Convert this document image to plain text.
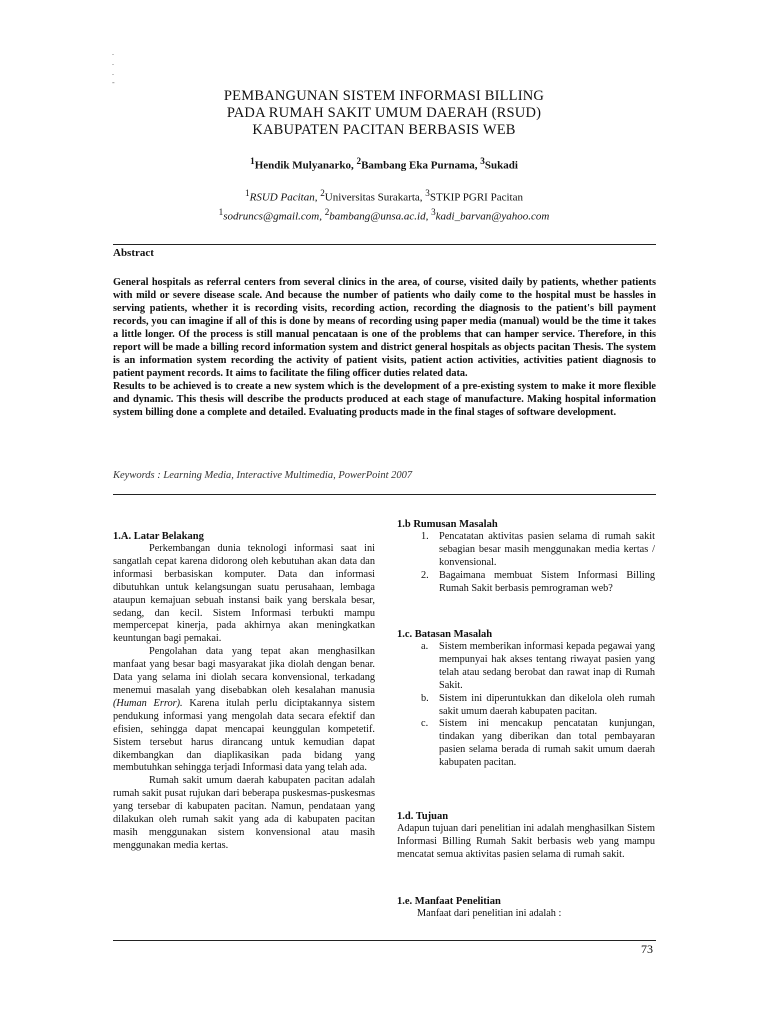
.
.
.
-
PEMBANGUNAN SISTEM INFORMASI BILLING
PADA RUMAH SAKIT UMUM DAERAH (RSUD)
KABUPATEN PACITAN BERBASIS WEB
$^1$Hendik Mulyanarko, $^2$Bambang Eka Purnama, $^3$Sukadi
$^1$RSUD Pacitan, $^2$Universitas Surakarta, $^3$STKIP PGRI Pacitan
$^1$sodruncs@gmail.com, $^2$bambang@unsa.ac.id, $^3$kadi_barvan@yahoo.com
Abstract

General hospitals as referral centers from several clinics in the area, of course, visited daily by patients, whether patients with mild or severe disease scale. And because the number of patients who daily come to the hospital must be hassles in serving patients, whether it is recording visits, recording action, recording the diagnosis to the patient's bill payment records, you can imagine if all of this is done by means of recording using paper media (manual) would be the time it takes a little longer. Of the process is still manual pencataan is one of the problems that can hamper service. Therefore, in this report will be made a billing record information system and district general hospitals as objects pacitan Thesis. The system is an information system recording the activity of patient visits, patient action activities, activities patient diagnosis to patient payment records. It aims to facilitate the filing officer duties related data.

Results to be achieved is to create a new system which is the development of a pre-existing system to make it more flexible and dynamic. This thesis will describe the products produced at each stage of manufacture. Making hospital information system billing done a complete and detailed. Evaluating products made in the final stages of software development.

Keywords : Learning Media, Interactive Multimedia, PowerPoint 2007
1.A. Latar Belakang

Perkembangan dunia teknologi informasi saat ini sangatlah cepat karena didorong oleh kebutuhan akan data dan informasi berbasiskan komputer. Data dan informasi dibutuhkan untuk kelangsungan suatu perusahaan, lembaga ataupun kemajuan sebuah instansi baik yang berskala besar, sedang, dan kecil. Sistem Informasi terbukti mampu mempercepat kinerja, pada akhirnya akan meningkatkan keuntungan bagi pemakai.

Pengolahan data yang tepat akan menghasilkan manfaat yang besar bagi masyarakat jika diolah dengan benar. Data yang selama ini diolah secara konvensional, terkadang menemui masalah yang disebabkan oleh kesalahan manusia (Human Error). Karena itulah perlu diciptakannya sistem pendukung informasi yang mengolah data secara efektif dan efisien, sehingga dapat mencapai keunggulan kompetetif. Sistem tersebut harus dirancang untuk kemudian dapat dikembangkan dan diaplikasikan pada bidang yang membutuhkan sehingga terjadi Informasi data yang telah ada.

Rumah sakit umum daerah kabupaten pacitan adalah rumah sakit pusat rujukan dari beberapa puskesmas-puskesmas yang tersebar di kabupaten pacitan. Namun, pendataan yang dilakukan oleh rumah sakit yang ada di kabupaten pacitan masih menggunakan sistem konvensional atau masih menggunakan media kertas.

1.b Rumusan Masalah
1. Pencatatan aktivitas pasien selama di rumah sakit sebagian besar masih menggunakan media kertas / konvensional.
2. Bagaimana membuat Sistem Informasi Billing Rumah Sakit berbasis pemrograman web?
1.c. Batasan Masalah
a. Sistem memberikan informasi kepada pegawai yang mempunyai hak akses tentang riwayat pasien yang telah atau sedang berobat dan rawat inap di Rumah Sakit.
b. Sistem ini diperuntukkan dan dikelola oleh rumah sakit umum daerah kabupaten pacitan.
c. Sistem ini mencakup pencatatan kunjungan, tindakan yang diberikan dan total pembayaran pasien selama berada di rumah sakit umum daerah kabupaten pacitan.
1.d. Tujuan

Adapun tujuan dari penelitian ini adalah menghasilkan Sistem Informasi Billing Rumah Sakit berbasis web yang mampu mencatat semua aktivitas pasien selama di rumah sakit.

1.e. Manfaat Penelitian

Manfaat dari penelitian ini adalah :

73
